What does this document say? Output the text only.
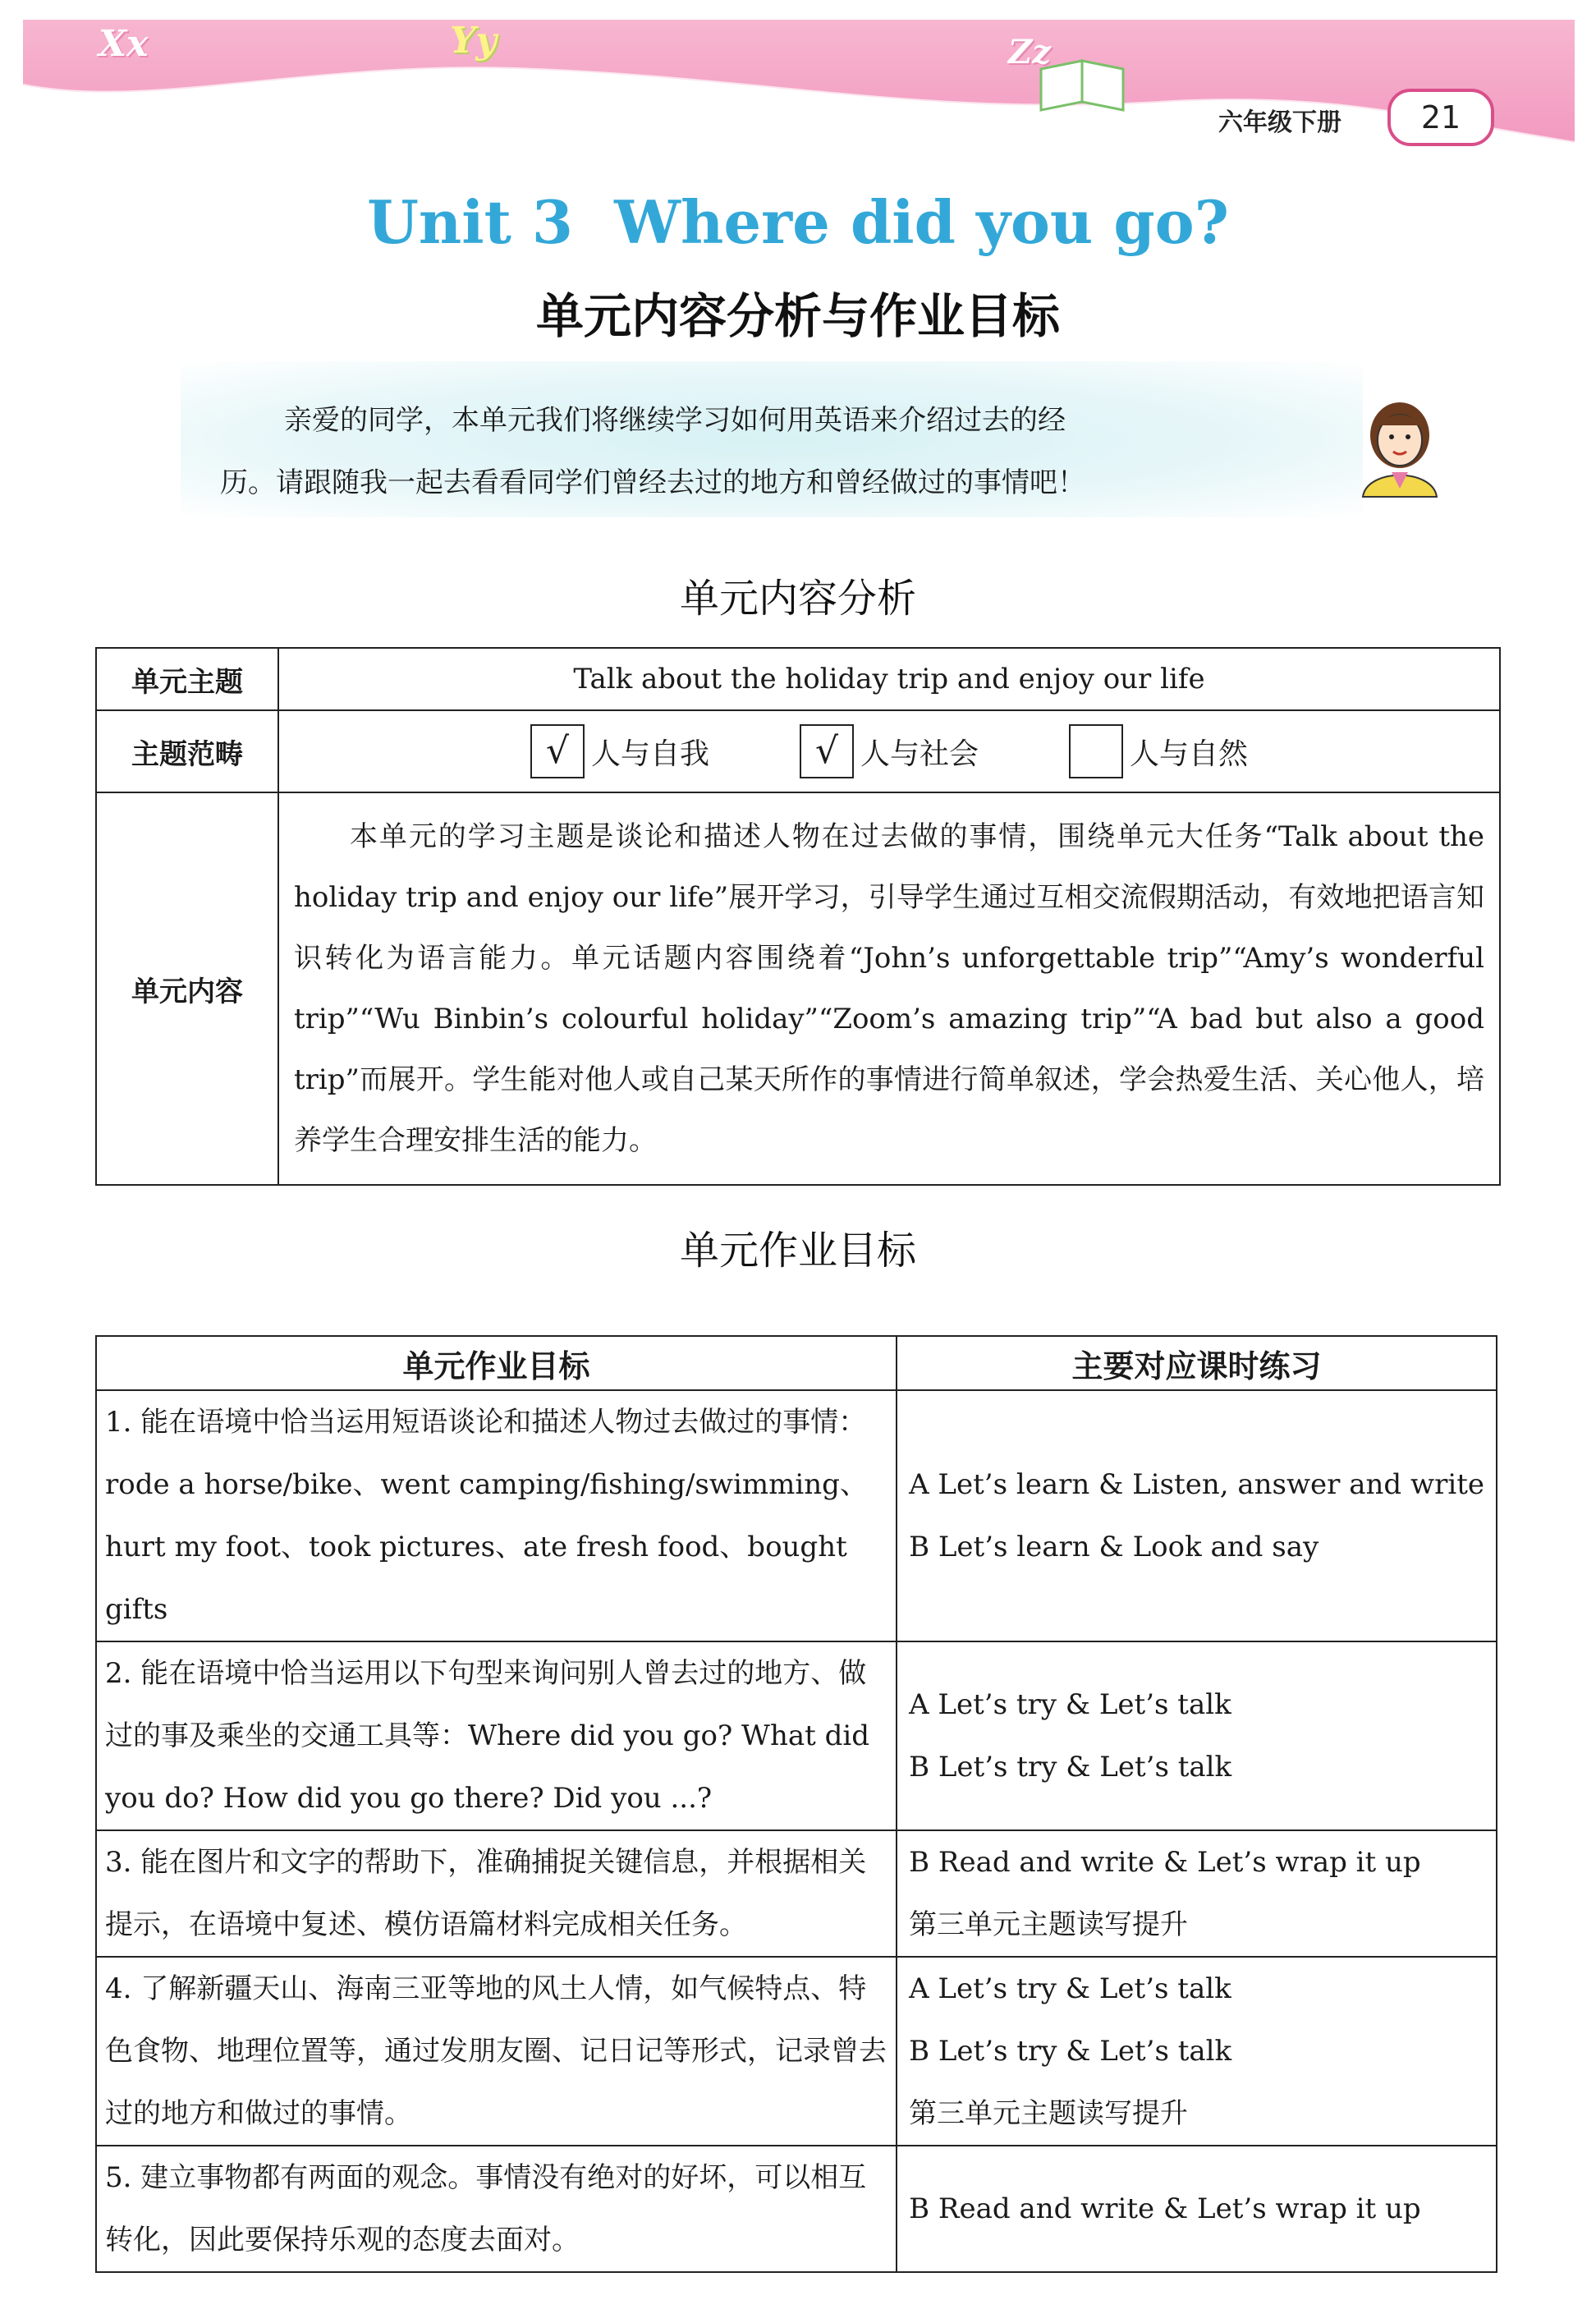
Xx	Yy	Zz
六年级下册	21
Unit 3  Where did you go?
单元内容分析与作业目标
亲爱的同学，本单元我们将继续学习如何用英语来介绍过去的经
历。请跟随我一起去看看同学们曾经去过的地方和曾经做过的事情吧！
单元内容分析
单元主题	Talk about the holiday trip and enjoy our life
主题范畴	√ 人与自我 √ 人与社会 人与自然

单元内容	本单元的学习主题是谈论和描述人物在过去做的事情，围绕单元大任务“Talk about the holiday trip and enjoy our life”展开学习，引导学生通过互相交流假期活动，有效地把语言知识转化为语言能力。单元话题内容围绕着“John’s unforgettable trip”“Amy’s wonderful trip”“Wu Binbin’s colourful holiday”“Zoom’s amazing trip”“A bad but also a good trip”而展开。学生能对他人或自己某天所作的事情进行简单叙述，学会热爱生活、关心他人，培养学生合理安排生活的能力。
单元作业目标
单元作业目标	主要对应课时练习
1. 能在语境中恰当运用短语谈论和描述人物过去做过的事情：rode a horse/bike、went camping/fishing/swimming、hurt my foot、took pictures、ate fresh food、bought gifts	A Let’s learn & Listen, answer and write
B Let’s learn & Look and say

2. 能在语境中恰当运用以下句型来询问别人曾去过的地方、做过的事及乘坐的交通工具等：Where did you go? What did you do? How did you go there? Did you ...?	A Let’s try & Let’s talk
B Let’s try & Let’s talk

3. 能在图片和文字的帮助下，准确捕捉关键信息，并根据相关提示，在语境中复述、模仿语篇材料完成相关任务。	B Read and write & Let’s wrap it up
第三单元主题读写提升

4. 了解新疆天山、海南三亚等地的风土人情，如气候特点、特色食物、地理位置等，通过发朋友圈、记日记等形式，记录曾去过的地方和做过的事情。	A Let’s try & Let’s talk
B Let’s try & Let’s talk
第三单元主题读写提升

5. 建立事物都有两面的观念。事情没有绝对的好坏，可以相互转化，因此要保持乐观的态度去面对。	B Read and write & Let’s wrap it up
